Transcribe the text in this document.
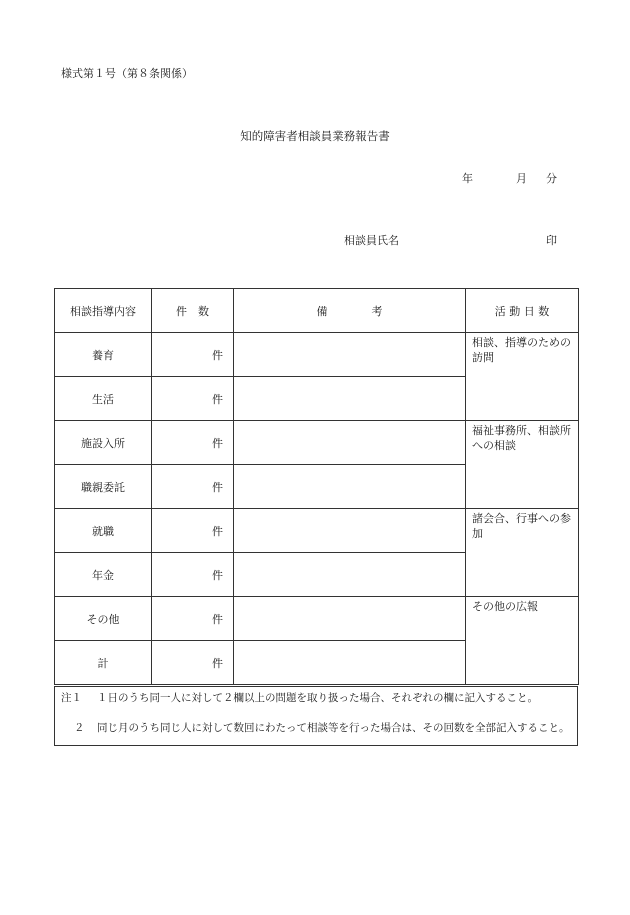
様式第１号（第８条関係）
知的障害者相談員業務報告書
年	月 分
相談員氏名	印
相談指導内容	件　数	備　　　　考	活 動 日 数
養育	件		相談、指導のための訪問
生活	件		
施設入所	件		福祉事務所、相談所への相談
職親委託	件		
就職	件		諸会合、行事への参加
年金	件		
その他	件		その他の広報
計	件		
注１ １日のうち同一人に対して２欄以上の問題を取り扱った場合、それぞれの欄に記入すること。
２ 同じ月のうち同じ人に対して数回にわたって相談等を行った場合は、その回数を全部記入すること。
